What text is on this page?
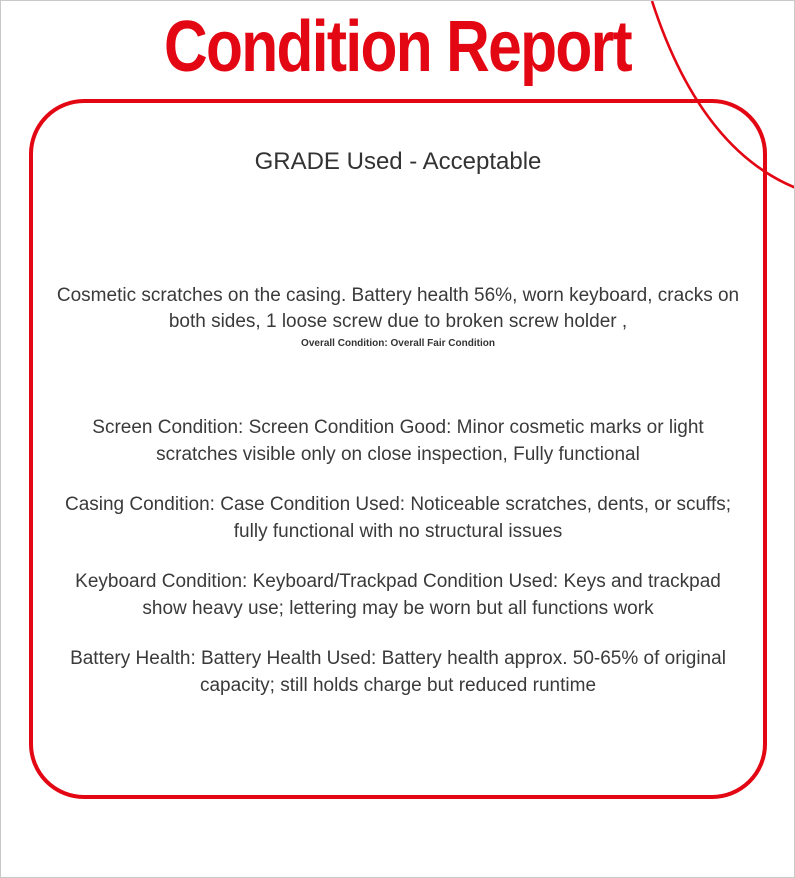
Condition Report
GRADE Used - Acceptable
Cosmetic scratches on the casing. Battery health 56%, worn keyboard, cracks on both sides, 1 loose screw due to broken screw holder ,
Overall Condition: Overall Fair Condition
Screen Condition: Screen Condition Good: Minor cosmetic marks or light scratches visible only on close inspection, Fully functional
Casing Condition: Case Condition Used: Noticeable scratches, dents, or scuffs; fully functional with no structural issues
Keyboard Condition: Keyboard/Trackpad Condition Used: Keys and trackpad show heavy use; lettering may be worn but all functions work
Battery Health: Battery Health Used: Battery health approx. 50-65% of original capacity; still holds charge but reduced runtime
